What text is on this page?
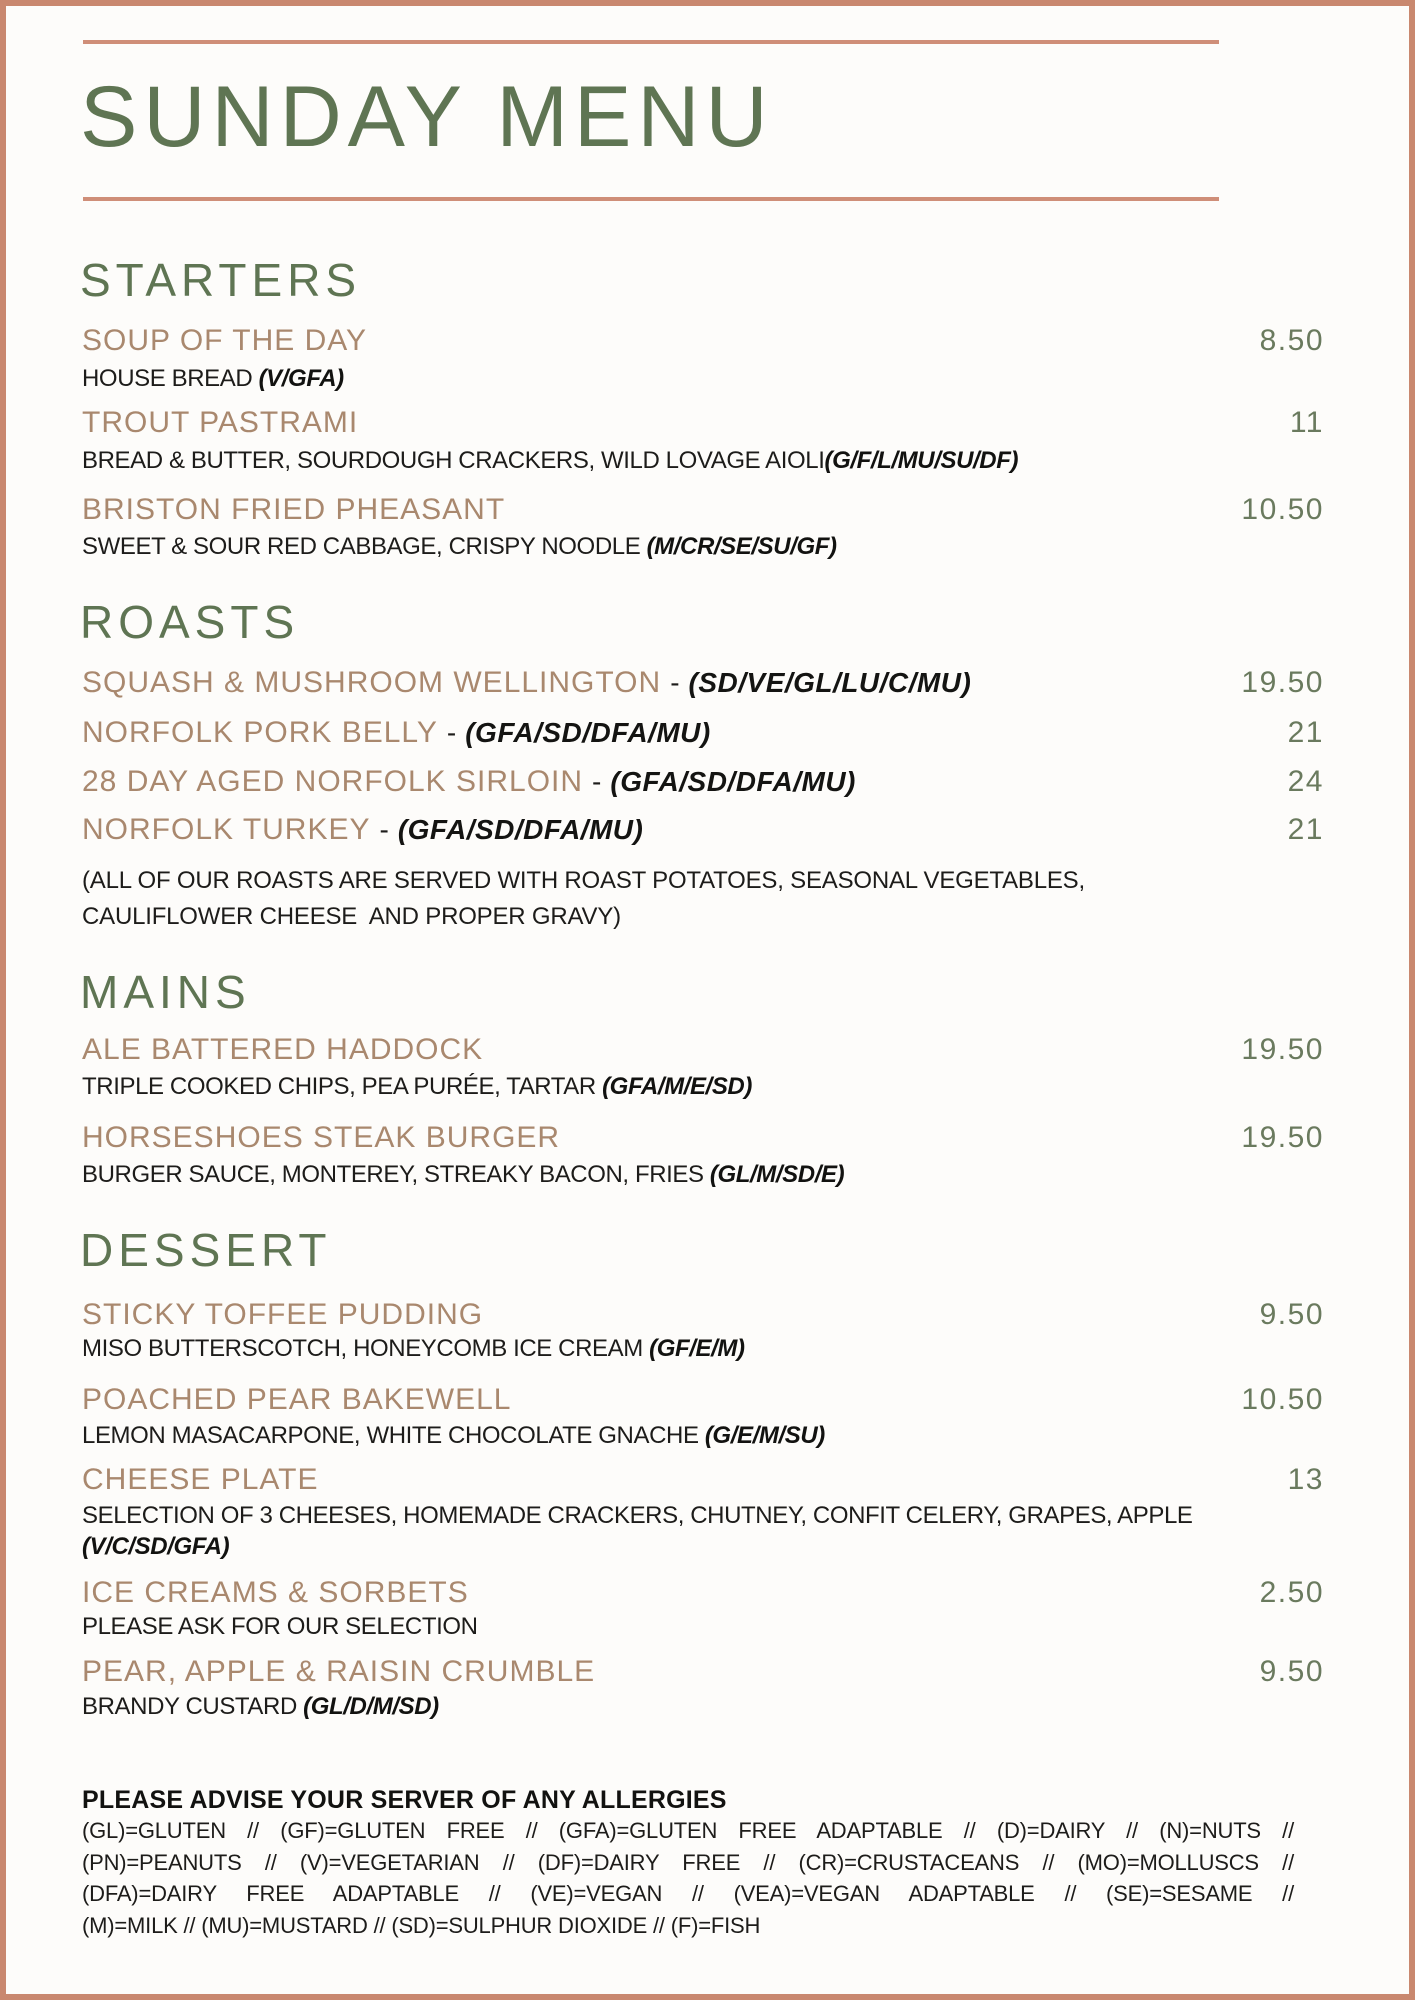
SUNDAY MENU
STARTERS
SOUP OF THE DAY	8.50
HOUSE BREAD (V/GFA)
TROUT PASTRAMI	11
BREAD & BUTTER, SOURDOUGH CRACKERS, WILD LOVAGE AIOLI(G/F/L/MU/SU/DF)
BRISTON FRIED PHEASANT	10.50
SWEET & SOUR RED CABBAGE, CRISPY NOODLE (M/CR/SE/SU/GF)
ROASTS
SQUASH & MUSHROOM WELLINGTON - (SD/VE/GL/LU/C/MU)	19.50
NORFOLK PORK BELLY - (GFA/SD/DFA/MU)	21
28 DAY AGED NORFOLK SIRLOIN - (GFA/SD/DFA/MU)	24
NORFOLK TURKEY - (GFA/SD/DFA/MU)	21
(ALL OF OUR ROASTS ARE SERVED WITH ROAST POTATOES, SEASONAL VEGETABLES,
CAULIFLOWER CHEESE  AND PROPER GRAVY)
MAINS
ALE BATTERED HADDOCK	19.50
TRIPLE COOKED CHIPS, PEA PURÉE, TARTAR (GFA/M/E/SD)
HORSESHOES STEAK BURGER	19.50
BURGER SAUCE, MONTEREY, STREAKY BACON, FRIES (GL/M/SD/E)
DESSERT
STICKY TOFFEE PUDDING	9.50
MISO BUTTERSCOTCH, HONEYCOMB ICE CREAM (GF/E/M)
POACHED PEAR BAKEWELL	10.50
LEMON MASACARPONE, WHITE CHOCOLATE GNACHE (G/E/M/SU)
CHEESE PLATE	13
SELECTION OF 3 CHEESES, HOMEMADE CRACKERS, CHUTNEY, CONFIT CELERY, GRAPES, APPLE
(V/C/SD/GFA)
ICE CREAMS & SORBETS	2.50
PLEASE ASK FOR OUR SELECTION
PEAR, APPLE & RAISIN CRUMBLE	9.50
BRANDY CUSTARD (GL/D/M/SD)

PLEASE ADVISE YOUR SERVER OF ANY ALLERGIES

(GL)=GLUTEN // (GF)=GLUTEN FREE // (GFA)=GLUTEN FREE ADAPTABLE // (D)=DAIRY // (N)=NUTS //
(PN)=PEANUTS // (V)=VEGETARIAN // (DF)=DAIRY FREE // (CR)=CRUSTACEANS // (MO)=MOLLUSCS //
(DFA)=DAIRY FREE ADAPTABLE // (VE)=VEGAN // (VEA)=VEGAN ADAPTABLE // (SE)=SESAME //
(M)=MILK // (MU)=MUSTARD // (SD)=SULPHUR DIOXIDE // (F)=FISH
